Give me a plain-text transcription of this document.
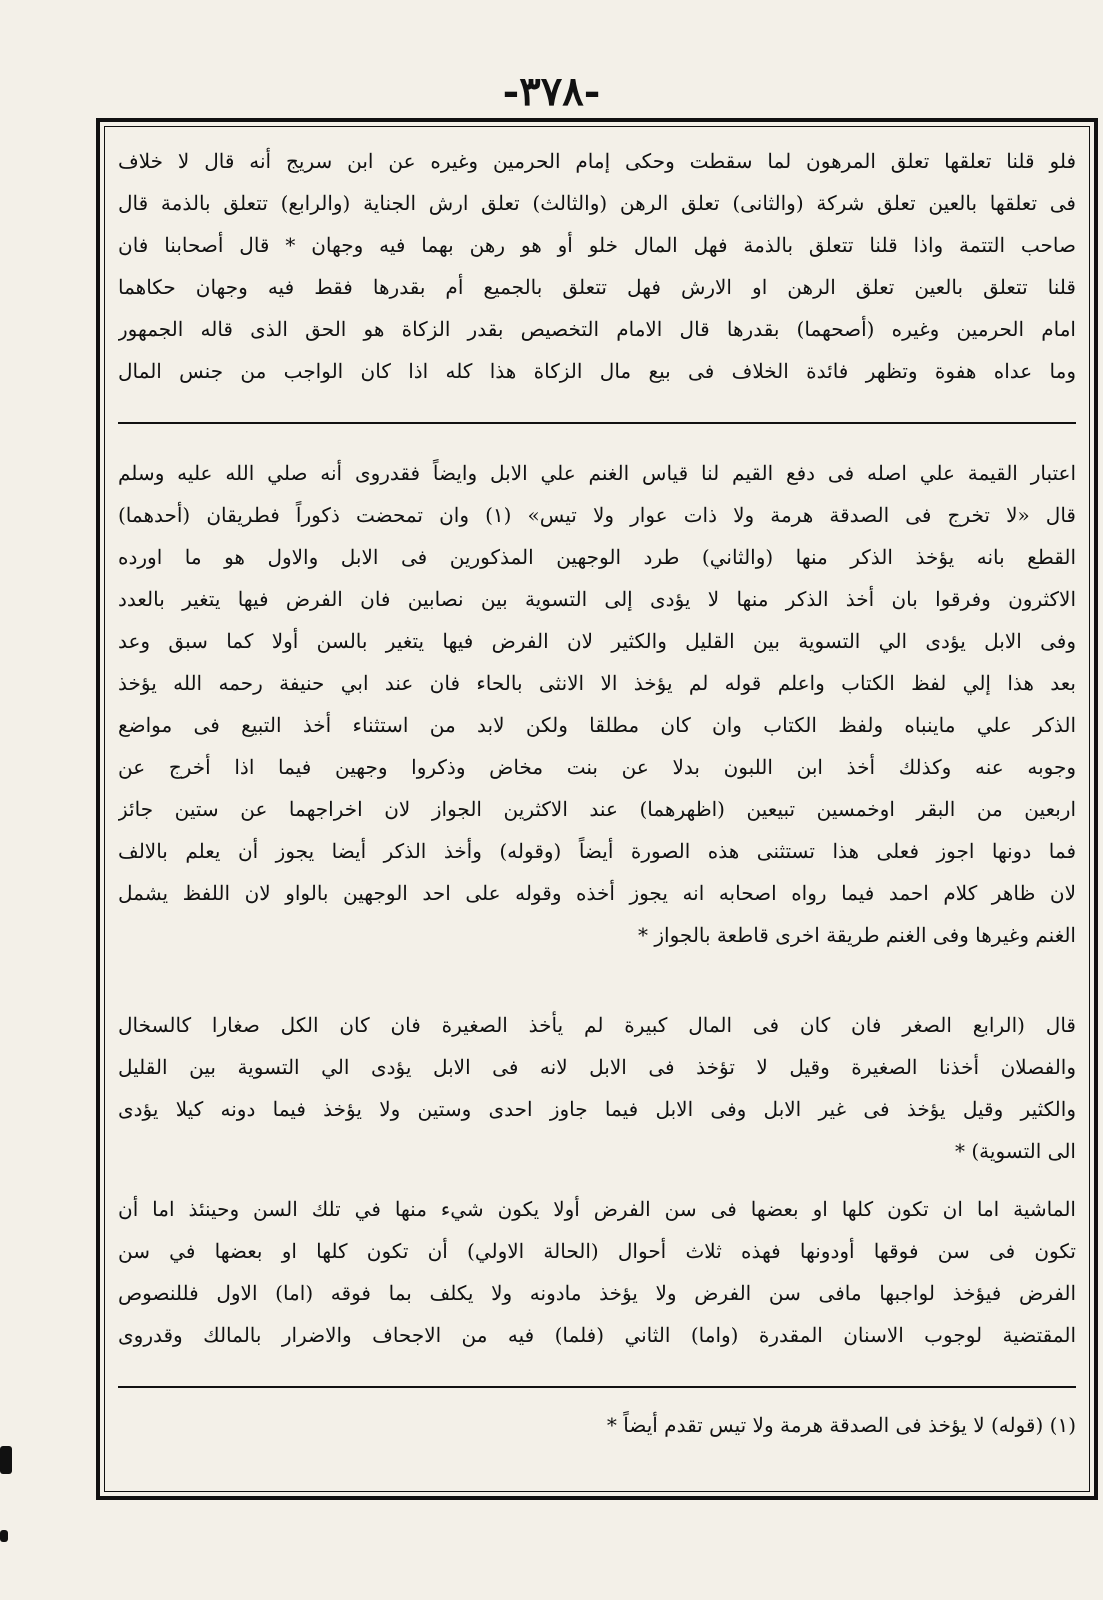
-٣٧٨-
فلو قلنا تعلقها تعلق المرهون لما سقطت وحكى إمام الحرمين وغيره عن ابن سريج أنه قال لا خلاف
فى تعلقها بالعين تعلق شركة (والثانى) تعلق الرهن (والثالث) تعلق ارش الجناية (والرابع) تتعلق بالذمة قال
صاحب التتمة واذا قلنا تتعلق بالذمة فهل المال خلو أو هو رهن بهما فيه وجهان * قال أصحابنا فان
قلنا تتعلق بالعين تعلق الرهن او الارش فهل تتعلق بالجميع أم بقدرها فقط فيه وجهان حكاهما
امام الحرمين وغيره (أصحهما) بقدرها قال الامام التخصيص بقدر الزكاة هو الحق الذى قاله الجمهور
وما عداه هفوة وتظهر فائدة الخلاف فى بيع مال الزكاة هذا كله اذا كان الواجب من جنس المال
اعتبار القيمة علي اصله فى دفع القيم لنا قياس الغنم علي الابل وايضاً فقدروى أنه صلي الله عليه وسلم
قال «لا تخرج فى الصدقة هرمة ولا ذات عوار ولا تيس» (١) وان تمحضت ذكوراً فطريقان (أحدهما)
القطع بانه يؤخذ الذكر منها (والثاني) طرد الوجهين المذكورين فى الابل والاول هو ما اورده
الاكثرون وفرقوا بان أخذ الذكر منها لا يؤدى إلى التسوية بين نصابين فان الفرض فيها يتغير بالعدد
وفى الابل يؤدى الي التسوية بين القليل والكثير لان الفرض فيها يتغير بالسن أولا كما سبق وعد
بعد هذا إلي لفظ الكتاب واعلم قوله لم يؤخذ الا الانثى بالحاء فان عند ابي حنيفة رحمه الله يؤخذ
الذكر علي ماينباه ولفظ الكتاب وان كان مطلقا ولكن لابد من استثناء أخذ التبيع فى مواضع
وجوبه عنه وكذلك أخذ ابن اللبون بدلا عن بنت مخاض وذكروا وجهين فيما اذا أخرج عن
اربعين من البقر اوخمسين تبيعين (اظهرهما) عند الاكثرين الجواز لان اخراجهما عن ستين جائز
فما دونها اجوز فعلى هذا تستثنى هذه الصورة أيضاً (وقوله) وأخذ الذكر أيضا يجوز أن يعلم بالالف
لان ظاهر كلام احمد فيما رواه اصحابه انه يجوز أخذه وقوله على احد الوجهين بالواو لان اللفظ يشمل
الغنم وغيرها وفى الغنم طريقة اخرى قاطعة بالجواز *
قال (الرابع الصغر فان كان فى المال كبيرة لم يأخذ الصغيرة فان كان الكل صغارا كالسخال
والفصلان أخذنا الصغيرة وقيل لا تؤخذ فى الابل لانه فى الابل يؤدى الي التسوية بين القليل
والكثير وقيل يؤخذ فى غير الابل وفى الابل فيما جاوز احدى وستين ولا يؤخذ فيما دونه كيلا يؤدى
الى التسوية) *
الماشية اما ان تكون كلها او بعضها فى سن الفرض أولا يكون شيء منها في تلك السن وحينئذ اما أن
تكون فى سن فوقها أودونها فهذه ثلاث أحوال (الحالة الاولي) أن تكون كلها او بعضها في سن
الفرض فيؤخذ لواجبها مافى سن الفرض ولا يؤخذ مادونه ولا يكلف بما فوقه (اما) الاول فللنصوص
المقتضية لوجوب الاسنان المقدرة (واما) الثاني (فلما) فيه من الاجحاف والاضرار بالمالك وقدروى
(١) (قوله) لا يؤخذ فى الصدقة هرمة ولا تيس تقدم أيضاً *
